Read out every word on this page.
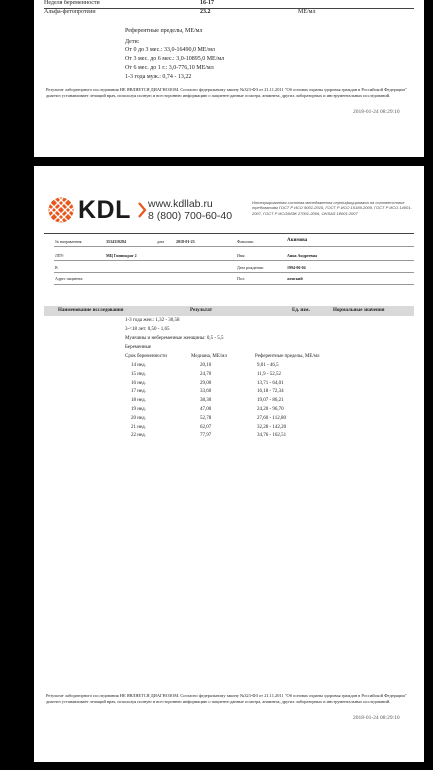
Неделя беременности	16-17
Альфа-фетопротеин	23.2	МЕ/мл
Референтные пределы, МЕ/мл
Дети:
От 0 до 3 мес.: 33,0-16490,0 МЕ/мл
От 3 мес. до 6 мес.: 3,0-10895,0 МЕ/мл
От 6 мес. до 1 г.: 3,0-776,10 МЕ/мл
1-3 года муж.: 0,74 - 13,22
Результат лабораторного исследования НЕ ЯВЛЯЕТСЯ ДИАГНОЗОМ. Согласно федеральному закону №323-ФЗ от 21.11.2011 "Об основах охраны здоровья граждан в Российской Федерации" диагноз устанавливает лечащий врач, используя полную и всесторонюю информацию о пациенте:данные осмотра, анамнеза, других лабораторных и инструментальных исследований.
2018-01-24 08:29:10
KDL www.kdllab.ru
8 (800) 700-60-40
Интегрированная система менеджмента сертифицирована на соответствие требованиям ГОСТ Р ИСО 9001-2015, ГОСТ Р ИСО 15189-2009, ГОСТ Р ИСО 14001-2007, ГОСТ Р ИСО/МЭК 27001-2006, OHSAS 18001:2007
№ направления:	3534310284	дата	2018-01-23	Фамилия:	Акимова
ЛПУ:	МЦ Гиппократ 2	Имя:	Анна Андреевна
В	Дата рождения:	1994-06-04
Адрес пациента:	Пол:	женский
Наименование исследования	Результат	Ед. изм.	Нормальные значения
1-3 года жен.: 1,32 - 30,58
3-<18 лет: 0,50 - 1,65
Мужчины и небеременные женщины: 0,5 - 5,5
Беременные
Срок беременности	Медиана, МЕ/мл	Референтные пределы, МЕ/мл
14 нед.	20,10	9,01 - 46,5
15 нед.	24,70	11,9 - 52,52
16 нед.	29,00	13,71 - 64,01
17 нед.	33,60	16,18 - 72,34
18 нед.	38,30	19,07 - 86,21
19 нед.	47,00	24,20 - 96,70
20 нед.	52,78	27,60 - 112,80
21 нед.	62,07	32,28 - 142,20
22 нед.	77,97	34,76 - 162,51
Результат лабораторного исследования НЕ ЯВЛЯЕТСЯ ДИАГНОЗОМ. Согласно федеральному закону №323-ФЗ от 21.11.2011 "Об основах охраны здоровья граждан в Российской Федерации" диагноз устанавливает лечащий врач, используя полную и всесторонюю информацию о пациенте:данные осмотра, анамнеза, других лабораторных и инструментальных исследований.
2018-01-24 08:29:10
